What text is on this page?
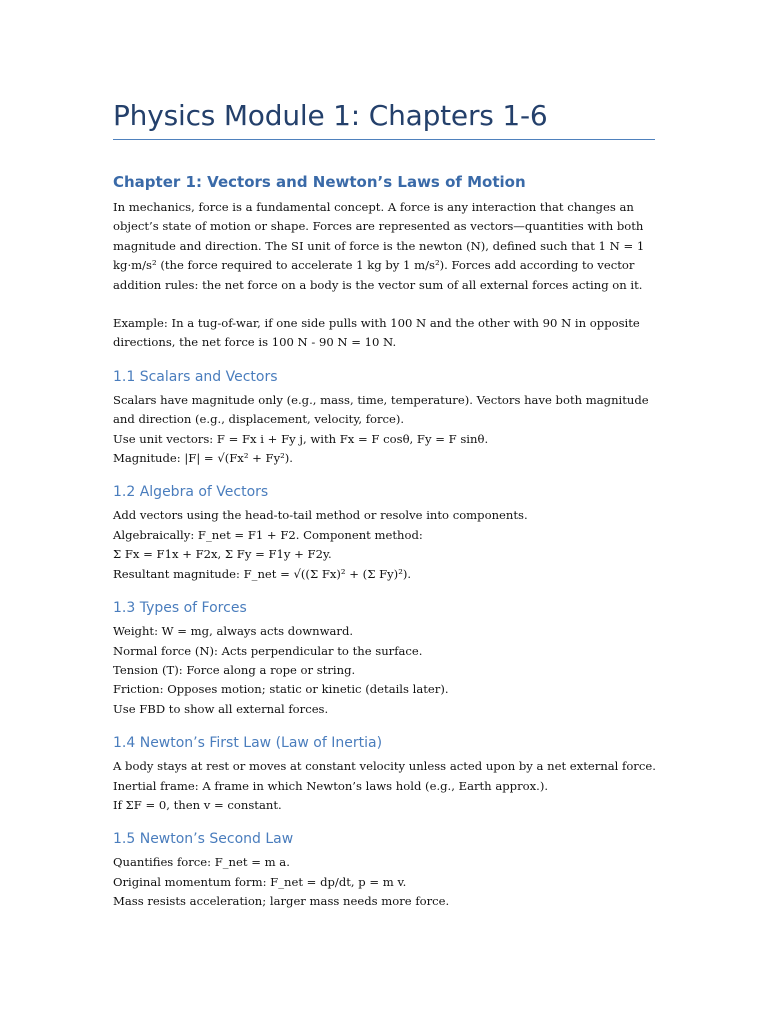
Physics Module 1: Chapters 1-6
Chapter 1: Vectors and Newton’s Laws of Motion

In mechanics, force is a fundamental concept. A force is any interaction that changes an object’s state of motion or shape. Forces are represented as vectors—quantities with both magnitude and direction. The SI unit of force is the newton (N), defined such that 1 N = 1 kg·m/s² (the force required to accelerate 1 kg by 1 m/s²). Forces add according to vector addition rules: the net force on a body is the vector sum of all external forces acting on it.

Example: In a tug-of-war, if one side pulls with 100 N and the other with 90 N in opposite directions, the net force is 100 N - 90 N = 10 N.

1.1 Scalars and Vectors

Scalars have magnitude only (e.g., mass, time, temperature). Vectors have both magnitude

and direction (e.g., displacement, velocity, force).

Use unit vectors: F = Fx i + Fy j, with Fx = F cosθ, Fy = F sinθ.

Magnitude: |F| = √(Fx² + Fy²).

1.2 Algebra of Vectors

Add vectors using the head-to-tail method or resolve into components.

Algebraically: F_net = F1 + F2. Component method:

Σ Fx = F1x + F2x, Σ Fy = F1y + F2y.

Resultant magnitude: F_net = √((Σ Fx)² + (Σ Fy)²).

1.3 Types of Forces

Weight: W = mg, always acts downward.

Normal force (N): Acts perpendicular to the surface.

Tension (T): Force along a rope or string.

Friction: Opposes motion; static or kinetic (details later).

Use FBD to show all external forces.

1.4 Newton’s First Law (Law of Inertia)

A body stays at rest or moves at constant velocity unless acted upon by a net external force.

Inertial frame: A frame in which Newton’s laws hold (e.g., Earth approx.).

If ΣF = 0, then v = constant.

1.5 Newton’s Second Law

Quantifies force: F_net = m a.

Original momentum form: F_net = dp/dt, p = m v.

Mass resists acceleration; larger mass needs more force.
